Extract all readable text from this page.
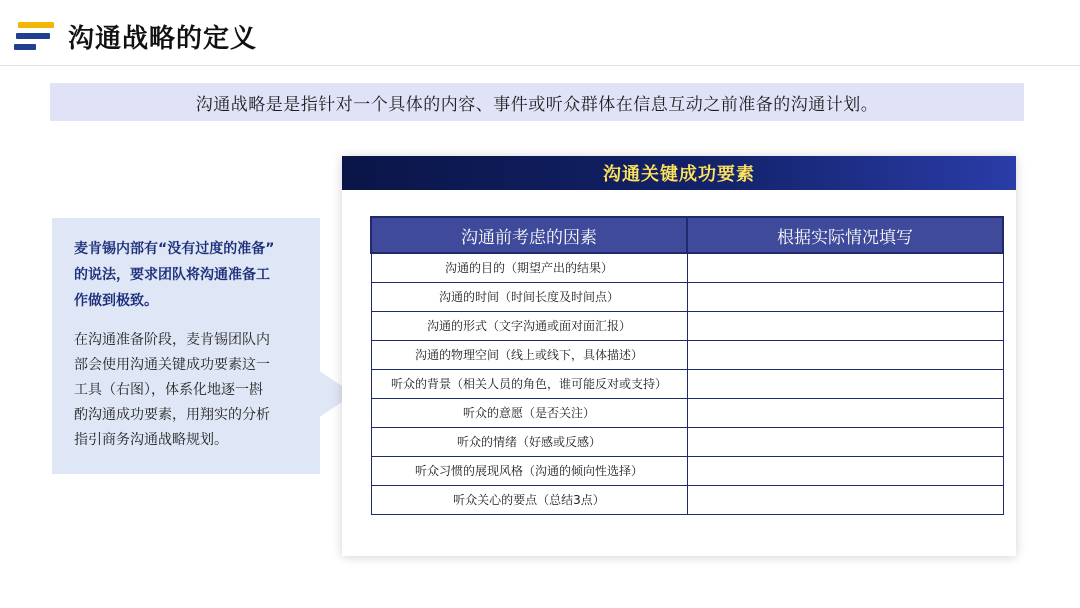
沟通战略的定义
沟通战略是是指针对一个具体的内容、事件或听众群体在信息互动之前准备的沟通计划。
麦肯锡内部有“没有过度的准备”
的说法，要求团队将沟通准备工
作做到极致。
在沟通准备阶段，麦肯锡团队内
部会使用沟通关键成功要素这一
工具（右图），体系化地逐一斟
酌沟通成功要素，用翔实的分析
指引商务沟通战略规划。
沟通关键成功要素
沟通前考虑的因素	根据实际情况填写
沟通的目的（期望产出的结果）	
沟通的时间（时间长度及时间点）	
沟通的形式（文字沟通或面对面汇报）	
沟通的物理空间（线上或线下，具体描述）	
听众的背景（相关人员的角色，谁可能反对或支持）	
听众的意愿（是否关注）	
听众的情绪（好感或反感）	
听众习惯的展现风格（沟通的倾向性选择）	
听众关心的要点（总结3点）	
